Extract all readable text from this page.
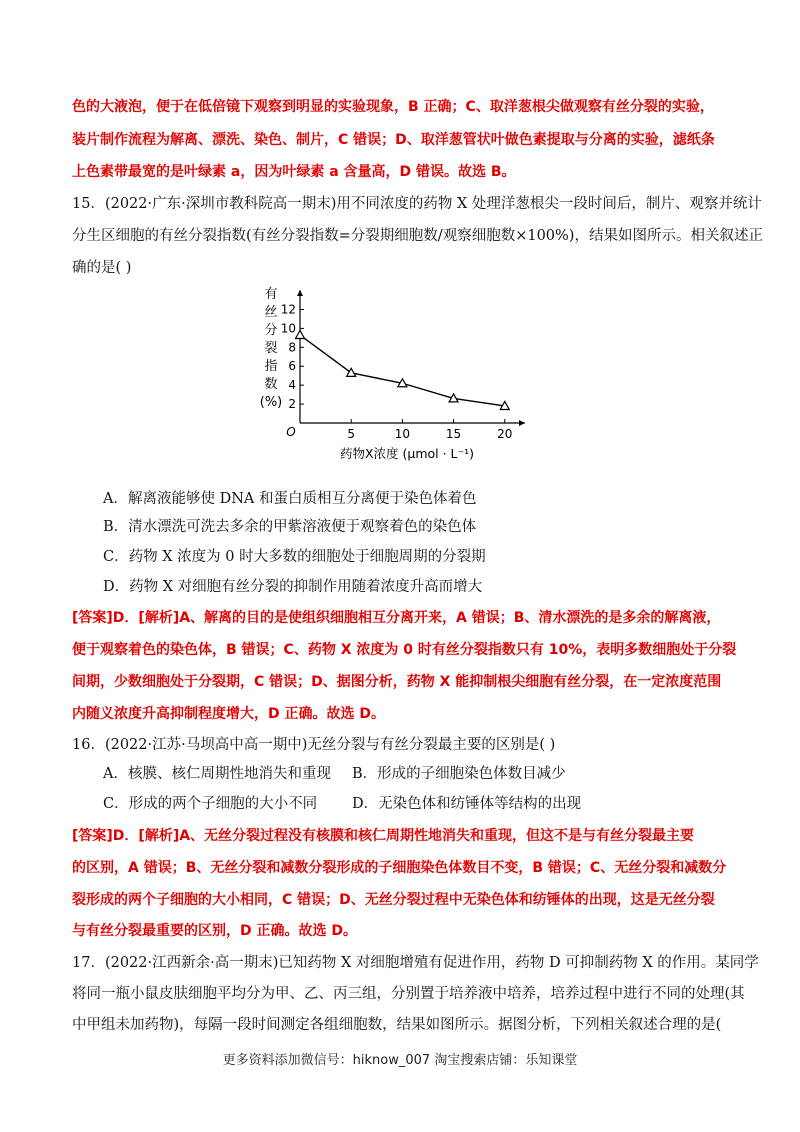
色的大液泡，便于在低倍镜下观察到明显的实验现象，B 正确；C、取洋葱根尖做观察有丝分裂的实验，
装片制作流程为解离、漂洗、染色、制片，C 错误；D、取洋葱管状叶做色素提取与分离的实验，滤纸条
上色素带最宽的是叶绿素 a，因为叶绿素 a 含量高，D 错误。故选 B。
15．(2022·广东·深圳市教科院高一期末)用不同浓度的药物 X 处理洋葱根尖一段时间后，制片、观察并统计
分生区细胞的有丝分裂指数(有丝分裂指数=分裂期细胞数/观察细胞数×100%)，结果如图所示。相关叙述正
确的是( )
有
丝
分
裂
指
数
(%)
5	10	15	20
2
4
6
8
10
12
O
药物X浓度 (μmol · L⁻¹)
A．解离液能够使 DNA 和蛋白质相互分离便于染色体着色
B．清水漂洗可洗去多余的甲紫溶液便于观察着色的染色体
C．药物 X 浓度为 0 时大多数的细胞处于细胞周期的分裂期
D．药物 X 对细胞有丝分裂的抑制作用随着浓度升高而增大
[答案]D．[解析]A、解离的目的是使组织细胞相互分离开来，A 错误；B、清水漂洗的是多余的解离液，
便于观察着色的染色体，B 错误；C、药物 X 浓度为 0 时有丝分裂指数只有 10%，表明多数细胞处于分裂
间期，少数细胞处于分裂期，C 错误；D、据图分析，药物 X 能抑制根尖细胞有丝分裂，在一定浓度范围
内随义浓度升高抑制程度增大，D 正确。故选 D。
16．(2022·江苏·马坝高中高一期中)无丝分裂与有丝分裂最主要的区别是( )
A．核膜、核仁周期性地消失和重现 B．形成的子细胞染色体数目减少
C．形成的两个子细胞的大小不同 D．无染色体和纺锤体等结构的出现
[答案]D．[解析]A、无丝分裂过程没有核膜和核仁周期性地消失和重现，但这不是与有丝分裂最主要
的区别，A 错误；B、无丝分裂和减数分裂形成的子细胞染色体数目不变，B 错误；C、无丝分裂和减数分
裂形成的两个子细胞的大小相同，C 错误；D、无丝分裂过程中无染色体和纺锤体的出现，这是无丝分裂
与有丝分裂最重要的区别，D 正确。故选 D。
17．(2022·江西新余·高一期末)已知药物 X 对细胞增殖有促进作用，药物 D 可抑制药物 X 的作用。某同学
将同一瓶小鼠皮肤细胞平均分为甲、乙、丙三组，分别置于培养液中培养，培养过程中进行不同的处理(其
中甲组未加药物)，每隔一段时间测定各组细胞数，结果如图所示。据图分析，下列相关叙述合理的是(
更多资料添加微信号：hiknow_007 淘宝搜索店铺：乐知课堂
